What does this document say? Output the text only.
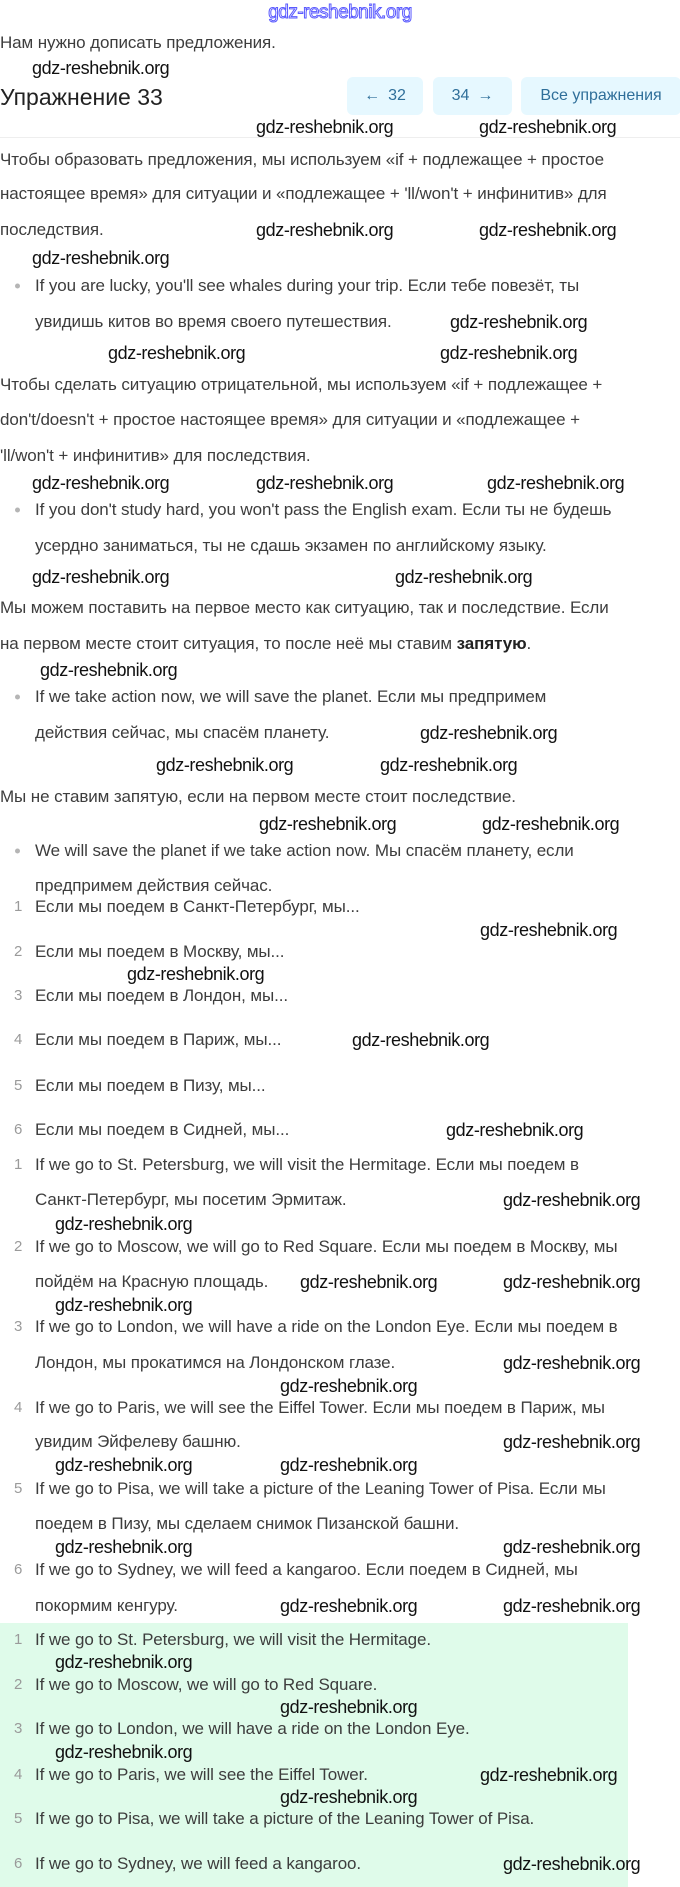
gdz-reshebnik.org
Нам нужно дописать предложения.
Упражнение 33	← 32	34 →	Все упражнения
Чтобы образовать предложения, мы используем «if + подлежащее + простое
настоящее время» для ситуации и «подлежащее + 'll/won't + инфинитив» для
последствия.
If you are lucky, you'll see whales during your trip. Если тебе повезёт, ты
увидишь китов во время своего путешествия.
Чтобы сделать ситуацию отрицательной, мы используем «if + подлежащее +
don't/doesn't + простое настоящее время» для ситуации и «подлежащее +
'll/won't + инфинитив» для последствия.
If you don't study hard, you won't pass the English exam. Если ты не будешь
усердно заниматься, ты не сдашь экзамен по английскому языку.
Мы можем поставить на первое место как ситуацию, так и последствие. Если
на первом месте стоит ситуация, то после неё мы ставим запятую.
If we take action now, we will save the planet. Если мы предпримем
действия сейчас, мы спасём планету.
Мы не ставим запятую, если на первом месте стоит последствие.
We will save the planet if we take action now. Мы спасём планету, если
предпримем действия сейчас.
1 Если мы поедем в Санкт-Петербург, мы...
2 Если мы поедем в Москву, мы...
3 Если мы поедем в Лондон, мы...
4 Если мы поедем в Париж, мы...
5 Если мы поедем в Пизу, мы...
6 Если мы поедем в Сидней, мы...
1 If we go to St. Petersburg, we will visit the Hermitage. Если мы поедем в
Санкт-Петербург, мы посетим Эрмитаж.
2 If we go to Moscow, we will go to Red Square. Если мы поедем в Москву, мы
пойдём на Красную площадь.
3 If we go to London, we will have a ride on the London Eye. Если мы поедем в
Лондон, мы прокатимся на Лондонском глазе.
4 If we go to Paris, we will see the Eiffel Tower. Если мы поедем в Париж, мы
увидим Эйфелеву башню.
5 If we go to Pisa, we will take a picture of the Leaning Tower of Pisa. Если мы
поедем в Пизу, мы сделаем снимок Пизанской башни.
6 If we go to Sydney, we will feed a kangaroo. Если поедем в Сидней, мы
покормим кенгуру.
1 If we go to St. Petersburg, we will visit the Hermitage.
2 If we go to Moscow, we will go to Red Square.
3 If we go to London, we will have a ride on the London Eye.
4 If we go to Paris, we will see the Eiffel Tower.
5 If we go to Pisa, we will take a picture of the Leaning Tower of Pisa.
6 If we go to Sydney, we will feed a kangaroo.
gdz-reshebnik.org
gdz-reshebnik.org	gdz-reshebnik.org
gdz-reshebnik.org	gdz-reshebnik.org
gdz-reshebnik.org
gdz-reshebnik.org
gdz-reshebnik.org	gdz-reshebnik.org
gdz-reshebnik.org	gdz-reshebnik.org	gdz-reshebnik.org
gdz-reshebnik.org	gdz-reshebnik.org
gdz-reshebnik.org
gdz-reshebnik.org
gdz-reshebnik.org	gdz-reshebnik.org
gdz-reshebnik.org	gdz-reshebnik.org
gdz-reshebnik.org
gdz-reshebnik.org
gdz-reshebnik.org
gdz-reshebnik.org
gdz-reshebnik.org
gdz-reshebnik.org
gdz-reshebnik.org	gdz-reshebnik.org
gdz-reshebnik.org
gdz-reshebnik.org
gdz-reshebnik.org
gdz-reshebnik.org
gdz-reshebnik.org	gdz-reshebnik.org
gdz-reshebnik.org	gdz-reshebnik.org
gdz-reshebnik.org	gdz-reshebnik.org
gdz-reshebnik.org
gdz-reshebnik.org
gdz-reshebnik.org
gdz-reshebnik.org
gdz-reshebnik.org
gdz-reshebnik.org
